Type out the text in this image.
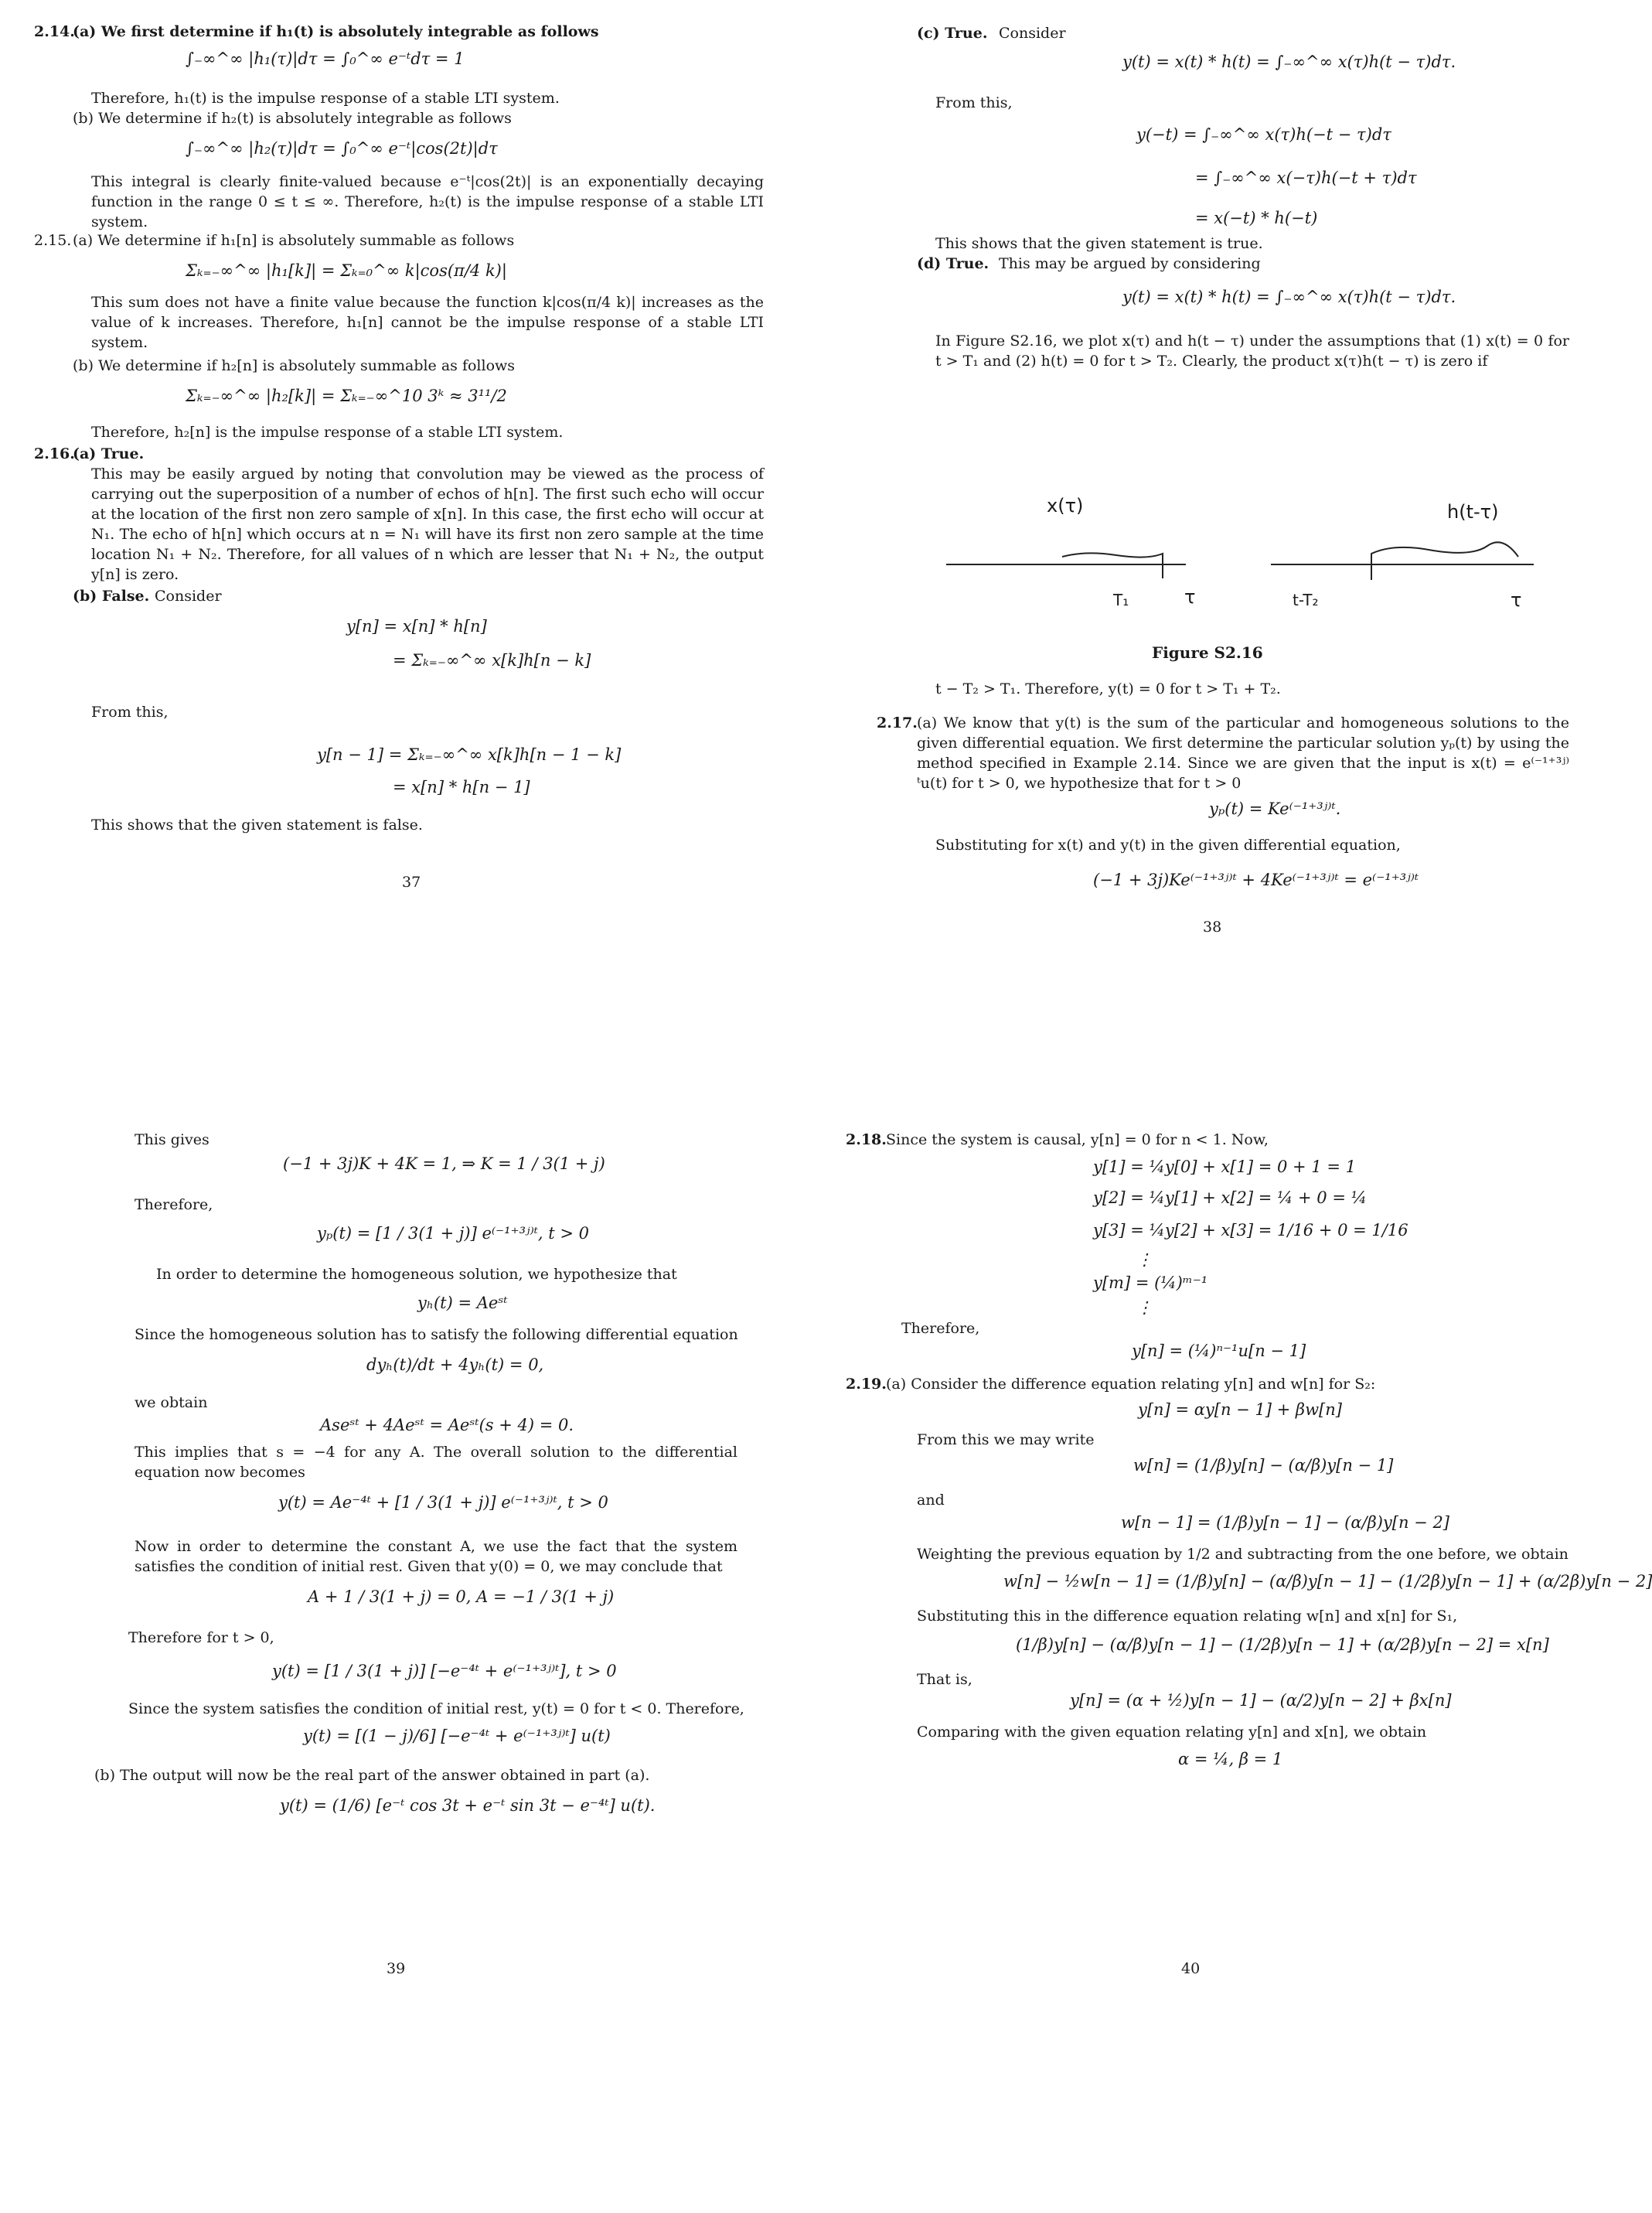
2.14.
(a) We first determine if h₁(t) is absolutely integrable as follows
∫₋∞^∞ |h₁(τ)|dτ = ∫₀^∞ e⁻ᵗdτ = 1
Therefore, h₁(t) is the impulse response of a stable LTI system.
(b) We determine if h₂(t) is absolutely integrable as follows
∫₋∞^∞ |h₂(τ)|dτ = ∫₀^∞ e⁻ᵗ|cos(2t)|dτ
This integral is clearly finite-valued because e⁻ᵗ|cos(2t)| is an exponentially decaying function in the range 0 ≤ t ≤ ∞. Therefore, h₂(t) is the impulse response of a stable LTI system.
2.15. (a) We determine if h₁[n] is absolutely summable as follows
Σₖ₌₋∞^∞ |h₁[k]| = Σₖ₌₀^∞ k|cos(π/4 k)|
This sum does not have a finite value because the function k|cos(π/4 k)| increases as the value of k increases. Therefore, h₁[n] cannot be the impulse response of a stable LTI system.
(b) We determine if h₂[n] is absolutely summable as follows
Σₖ₌₋∞^∞ |h₂[k]| = Σₖ₌₋∞^10 3ᵏ ≈ 3¹¹/2
Therefore, h₂[n] is the impulse response of a stable LTI system.
2.16.
(a) True.
This may be easily argued by noting that convolution may be viewed as the process of carrying out the superposition of a number of echos of h[n]. The first such echo will occur at the location of the first non zero sample of x[n]. In this case, the first echo will occur at N₁. The echo of h[n] which occurs at n = N₁ will have its first non zero sample at the time location N₁ + N₂. Therefore, for all values of n which are lesser that N₁ + N₂, the output y[n] is zero.
(b) False. Consider
y[n] = x[n] * h[n]
= Σₖ₌₋∞^∞ x[k]h[n − k]
From this,
y[n − 1] = Σₖ₌₋∞^∞ x[k]h[n − 1 − k]
= x[n] * h[n − 1]
This shows that the given statement is false.
37
(c) True. Consider
y(t) = x(t) * h(t) = ∫₋∞^∞ x(τ)h(t − τ)dτ.
From this,
y(−t) = ∫₋∞^∞ x(τ)h(−t − τ)dτ
= ∫₋∞^∞ x(−τ)h(−t + τ)dτ
= x(−t) * h(−t)
This shows that the given statement is true.
(d) True. This may be argued by considering
y(t) = x(t) * h(t) = ∫₋∞^∞ x(τ)h(t − τ)dτ.
In Figure S2.16, we plot x(τ) and h(t − τ) under the assumptions that (1) x(t) = 0 for t > T₁ and (2) h(t) = 0 for t > T₂. Clearly, the product x(τ)h(t − τ) is zero if
x(τ)	h(t-τ)
T₁	τ	t-T₂	τ
Figure S2.16
t − T₂ > T₁. Therefore, y(t) = 0 for t > T₁ + T₂.
2.17. (a) We know that y(t) is the sum of the particular and homogeneous solutions to the given differential equation. We first determine the particular solution yₚ(t) by using the method specified in Example 2.14. Since we are given that the input is x(t) = e⁽⁻¹⁺³ʲ⁾ᵗu(t) for t > 0, we hypothesize that for t > 0
yₚ(t) = Ke⁽⁻¹⁺³ʲ⁾ᵗ.
Substituting for x(t) and y(t) in the given differential equation,
(−1 + 3j)Ke⁽⁻¹⁺³ʲ⁾ᵗ + 4Ke⁽⁻¹⁺³ʲ⁾ᵗ = e⁽⁻¹⁺³ʲ⁾ᵗ
38
This gives
(−1 + 3j)K + 4K = 1, ⇒ K = 1 / 3(1 + j)
Therefore,
yₚ(t) = [1 / 3(1 + j)] e⁽⁻¹⁺³ʲ⁾ᵗ, t > 0
In order to determine the homogeneous solution, we hypothesize that
yₕ(t) = Aeˢᵗ
Since the homogeneous solution has to satisfy the following differential equation
dyₕ(t)/dt + 4yₕ(t) = 0,
we obtain
Aseˢᵗ + 4Aeˢᵗ = Aeˢᵗ(s + 4) = 0.
This implies that s = −4 for any A. The overall solution to the differential equation now becomes
y(t) = Ae⁻⁴ᵗ + [1 / 3(1 + j)] e⁽⁻¹⁺³ʲ⁾ᵗ, t > 0
Now in order to determine the constant A, we use the fact that the system satisfies the condition of initial rest. Given that y(0) = 0, we may conclude that
A + 1 / 3(1 + j) = 0, A = −1 / 3(1 + j)
Therefore for t > 0,
y(t) = [1 / 3(1 + j)] [−e⁻⁴ᵗ + e⁽⁻¹⁺³ʲ⁾ᵗ], t > 0
Since the system satisfies the condition of initial rest, y(t) = 0 for t < 0. Therefore,
y(t) = [(1 − j)/6] [−e⁻⁴ᵗ + e⁽⁻¹⁺³ʲ⁾ᵗ] u(t)
(b) The output will now be the real part of the answer obtained in part (a).
y(t) = (1/6) [e⁻ᵗ cos 3t + e⁻ᵗ sin 3t − e⁻⁴ᵗ] u(t).
39
2.18. Since the system is causal, y[n] = 0 for n < 1. Now,
y[1] = ¼y[0] + x[1] = 0 + 1 = 1
y[2] = ¼y[1] + x[2] = ¼ + 0 = ¼
y[3] = ¼y[2] + x[3] = 1/16 + 0 = 1/16
⋮
y[m] = (¼)ᵐ⁻¹
⋮
Therefore,
y[n] = (¼)ⁿ⁻¹u[n − 1]
2.19. (a) Consider the difference equation relating y[n] and w[n] for S₂:
y[n] = αy[n − 1] + βw[n]
From this we may write
w[n] = (1/β)y[n] − (α/β)y[n − 1]
and
w[n − 1] = (1/β)y[n − 1] − (α/β)y[n − 2]
Weighting the previous equation by 1/2 and subtracting from the one before, we obtain
w[n] − ½w[n − 1] = (1/β)y[n] − (α/β)y[n − 1] − (1/2β)y[n − 1] + (α/2β)y[n − 2]
Substituting this in the difference equation relating w[n] and x[n] for S₁,
(1/β)y[n] − (α/β)y[n − 1] − (1/2β)y[n − 1] + (α/2β)y[n − 2] = x[n]
That is,
y[n] = (α + ½)y[n − 1] − (α/2)y[n − 2] + βx[n]
Comparing with the given equation relating y[n] and x[n], we obtain
α = ¼, β = 1
40
